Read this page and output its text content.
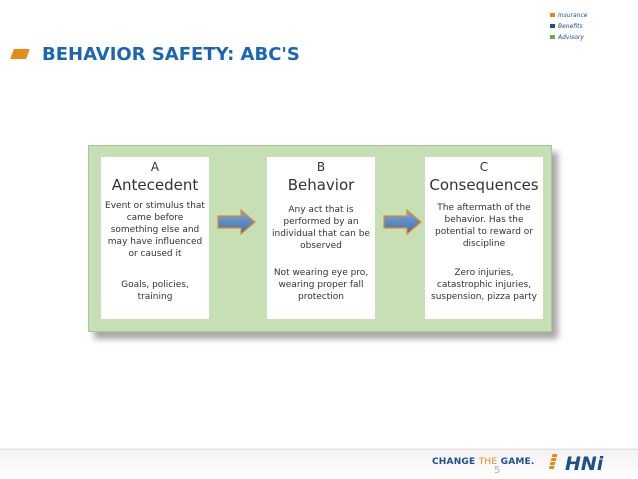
Insurance
Benefits
Advisory
BEHAVIOR SAFETY: ABC'S
A
Antecedent
Event or stimulus that
came before
something else and
may have influenced
or caused it
Goals, policies,
training
B
Behavior
Any act that is
performed by an
individual that can be
observed
Not wearing eye pro,
wearing proper fall
protection
C
Consequences
The aftermath of the
behavior. Has the
potential to reward or
discipline
Zero injuries,
catastrophic injuries,
suspension, pizza party
CHANGE THE GAME.
5	HNi
